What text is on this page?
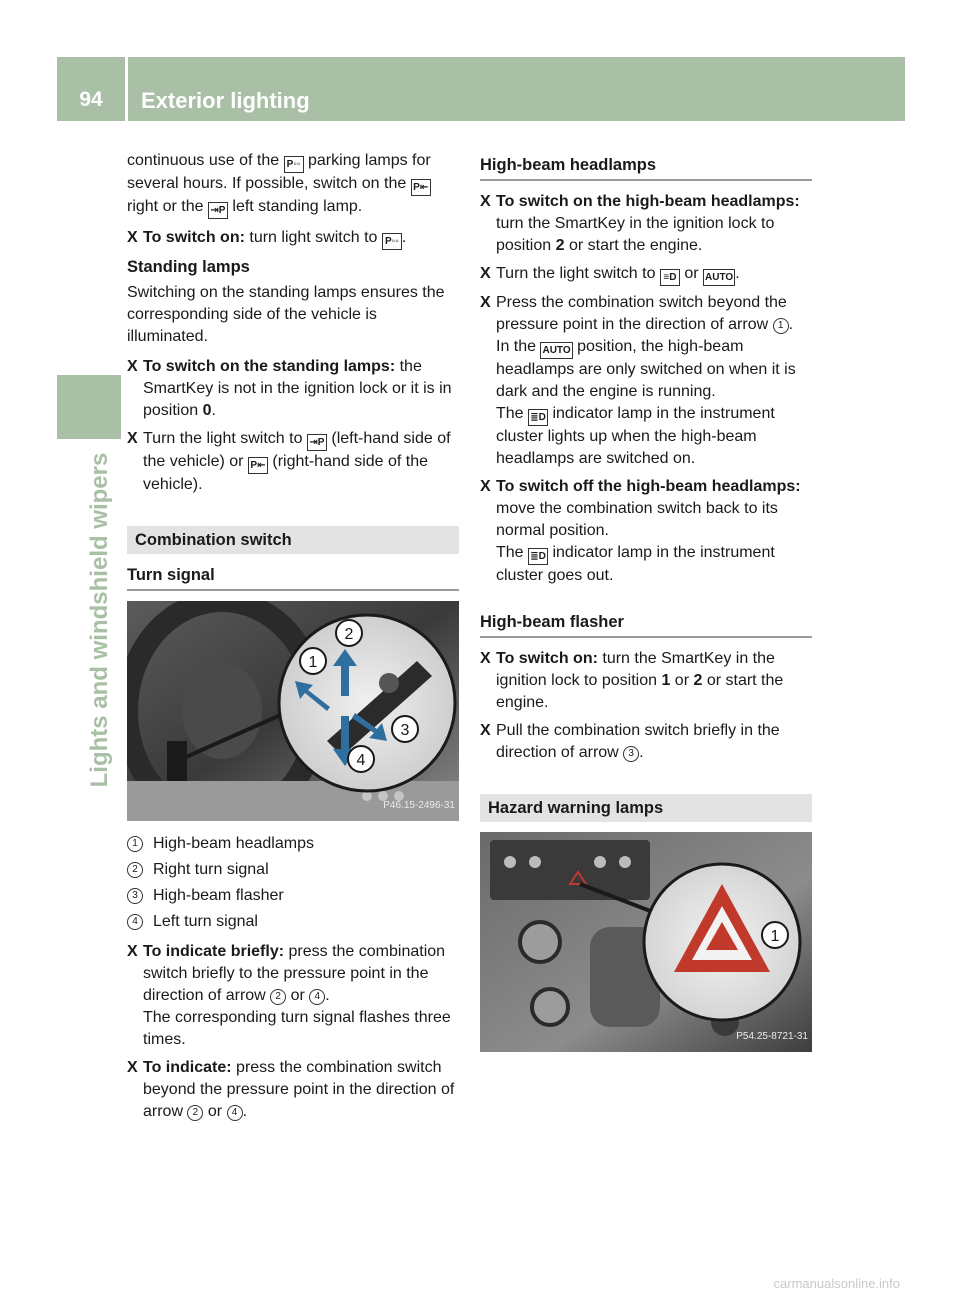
94	Exterior lighting
Lights and windshield wipers

continuous use of the P◦◦ parking lamps for several hours. If possible, switch on the P⇤ right or the ⇥P left standing lamp.

X To switch on: turn light switch to P◦◦ .

Standing lamps

Switching on the standing lamps ensures the corresponding side of the vehicle is illuminated.

X To switch on the standing lamps: the SmartKey is not in the ignition lock or it is in position 0.
X Turn the light switch to ⇥P (left-hand side of the vehicle) or P⇤ (right-hand side of the vehicle).
Combination switch
Turn signal
1
2
3
4
P46.15-2496-31
1 High-beam headlamps
2 Right turn signal
3 High-beam flasher
4 Left turn signal
X To indicate briefly: press the combination switch briefly to the pressure point in the direction of arrow 2 or 4 .

The corresponding turn signal flashes three times.

X To indicate: press the combination switch beyond the pressure point in the direction of arrow 2 or 4 .
High-beam headlamps
X To switch on the high-beam headlamps: turn the SmartKey in the ignition lock to position 2 or start the engine.
X Turn the light switch to ≡D or AUTO .
X Press the combination switch beyond the pressure point in the direction of arrow 1 .

In the AUTO position, the high-beam headlamps are only switched on when it is dark and the engine is running.

The ≣D indicator lamp in the instrument cluster lights up when the high-beam headlamps are switched on.

X To switch off the high-beam headlamps: move the combination switch back to its normal position.

The ≣D indicator lamp in the instrument cluster goes out.

High-beam flasher
X To switch on: turn the SmartKey in the ignition lock to position 1 or 2 or start the engine.
X Pull the combination switch briefly in the direction of arrow 3 .
Hazard warning lamps
1
P54.25-8721-31
carmanualsonline.info
